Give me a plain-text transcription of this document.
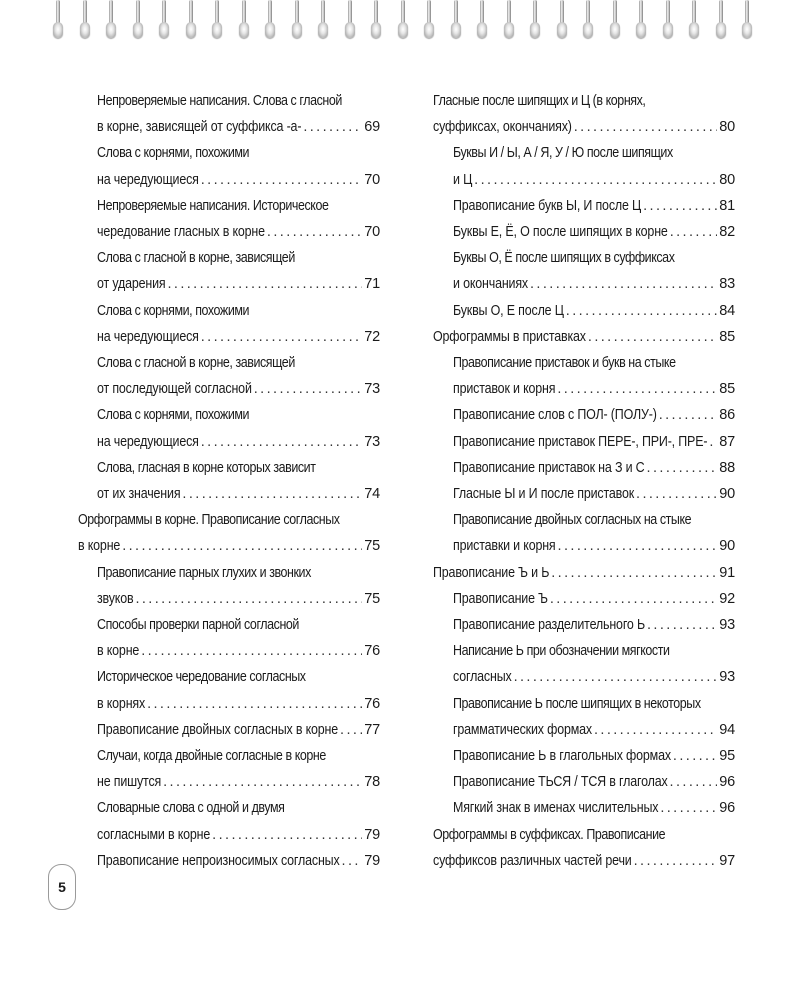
Непроверяемые написания. Слова с гласной
в корне, зависящей от суффикса -а- .....	69
Слова с корнями, похожими
на чередующиеся .....	70
Непроверяемые написания. Историческое
чередование гласных в корне .....	70
Слова с гласной в корне, зависящей
от ударения .....	71
Слова с корнями, похожими
на чередующиеся .....	72
Слова с гласной в корне, зависящей
от последующей согласной .....	73
Слова с корнями, похожими
на чередующиеся .....	73
Слова, гласная в корне которых зависит
от их значения .....	74
Орфограммы в корне. Правописание согласных
в корне .....	75
Правописание парных глухих и звонких
звуков .....	75
Способы проверки парной согласной
в корне .....	76
Историческое чередование согласных
в корнях .....	76
Правописание двойных согласных в корне ..... 77
Случаи, когда двойные согласные в корне
не пишутся .....	78
Словарные слова с одной и двумя
согласными в корне .....	79
Правописание непроизносимых согласных ..... 79
Гласные после шипящих и Ц (в корнях,
суффиксах, окончаниях) .....	80
Буквы И / Ы, А / Я, У / Ю после шипящих
и Ц .....	80
Правописание букв Ы, И после Ц .....	81
Буквы Е, Ё, О после шипящих в корне .....	82
Буквы О, Ё после шипящих в суффиксах
и окончаниях .....	83
Буквы О, Е после Ц .....	84
Орфограммы в приставках .....	85
Правописание приставок и букв на стыке
приставок и корня .....	85
Правописание слов с ПОЛ- (ПОЛУ-) .....	86
Правописание приставок ПЕРЕ-, ПРИ-, ПРЕ- ..... 87
Правописание приставок на З и С .....	88
Гласные Ы и И после приставок .....	90
Правописание двойных согласных на стыке
приставки и корня .....	90
Правописание Ъ и Ь .....	91
Правописание Ъ .....	92
Правописание разделительного Ь .....	93
Написание Ь при обозначении мягкости
согласных .....	93
Правописание Ь после шипящих в некоторых
грамматических формах .....	94
Правописание Ь в глагольных формах .....	95
Правописание ТЬСЯ / ТСЯ в глаголах .....	96
Мягкий знак в именах числительных .....	96
Орфограммы в суффиксах. Правописание
суффиксов различных частей речи .....	97
5
